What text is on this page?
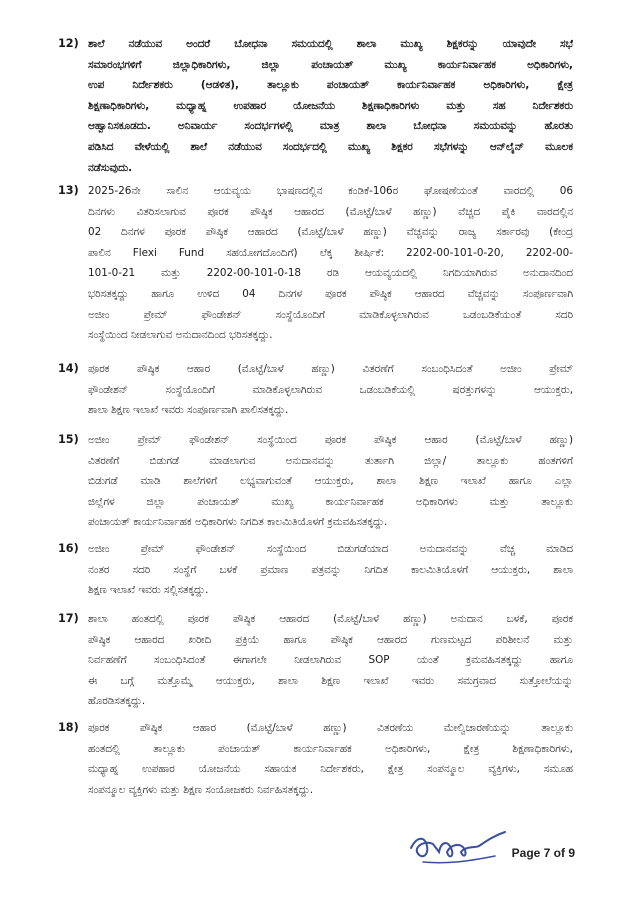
12) ಶಾಲೆ ನಡೆಯುವ ಅಂದರೆ ಬೋಧನಾ ಸಮಯದಲ್ಲಿ ಶಾಲಾ ಮುಖ್ಯ ಶಿಕ್ಷಕರನ್ನು ಯಾವುದೇ ಸಭೆ
ಸಮಾರಂಭಗಳಿಗೆ ಜಿಲ್ಲಾಧಿಕಾರಿಗಳು, ಜಿಲ್ಲಾ ಪಂಚಾಯತ್ ಮುಖ್ಯ ಕಾರ್ಯನಿರ್ವಾಹಕ ಅಧಿಕಾರಿಗಳು,
ಉಪ ನಿರ್ದೇಶಕರು (ಆಡಳಿತ), ತಾಲ್ಲೂಕು ಪಂಚಾಯತ್ ಕಾರ್ಯನಿರ್ವಾಹಕ ಅಧಿಕಾರಿಗಳು, ಕ್ಷೇತ್ರ
ಶಿಕ್ಷಣಾಧಿಕಾರಿಗಳು, ಮಧ್ಯಾಹ್ನ ಉಪಹಾರ ಯೋಜನೆಯ ಶಿಕ್ಷಣಾಧಿಕಾರಿಗಳು ಮತ್ತು ಸಹ ನಿರ್ದೇಶಕರು
ಆಹ್ವಾನಿಸಕೂಡದು. ಅನಿವಾರ್ಯ ಸಂದರ್ಭಗಳಲ್ಲಿ ಮಾತ್ರ ಶಾಲಾ ಬೋಧನಾ ಸಮಯವನ್ನು ಹೊರತು
ಪಡಿಸಿದ ವೇಳೆಯಲ್ಲಿ ಶಾಲೆ ನಡೆಯುವ ಸಂದರ್ಭದಲ್ಲಿ ಮುಖ್ಯ ಶಿಕ್ಷಕರ ಸಭೆಗಳನ್ನು ಆನ್‌ಲೈನ್ ಮೂಲಕ
ನಡೆಸುವುದು.
13) 2025-26ನೇ ಸಾಲಿನ ಆಯವ್ಯಯ ಭಾಷಣದಲ್ಲಿನ ಕಂಡಿಕೆ-106ರ ಘೋಷಣೆಯಂತೆ ವಾರದಲ್ಲಿ 06
ದಿನಗಳು ವಿತರಿಸಲಾಗುವ ಪೂರಕ ಪೌಷ್ಠಿಕ ಆಹಾರದ (ಮೊಟ್ಟೆ/ಬಾಳೆ ಹಣ್ಣು) ವೆಚ್ಚದ ಪೈಕಿ ವಾರದಲ್ಲಿನ
02 ದಿನಗಳ ಪೂರಕ ಪೌಷ್ಠಿಕ ಆಹಾರದ (ಮೊಟ್ಟೆ/ಬಾಳೆ ಹಣ್ಣು) ವೆಚ್ಚವನ್ನು ರಾಜ್ಯ ಸರ್ಕಾರವು (ಕೇಂದ್ರ
ಪಾಲಿನ Flexi Fund ಸಹಯೋಗದೊಂದಿಗೆ) ಲೆಕ್ಕ ಶೀರ್ಷಿಕೆ: 2202-00-101-0-20, 2202-00-
101-0-21 ಮತ್ತು 2202-00-101-0-18 ರಡಿ ಆಯವ್ಯಯದಲ್ಲಿ ನಿಗದಿಯಾಗಿರುವ ಅನುದಾನದಿಂದ
ಭರಿಸತಕ್ಕದ್ದು ಹಾಗೂ ಉಳಿದ 04 ದಿನಗಳ ಪೂರಕ ಪೌಷ್ಠಿಕ ಆಹಾರದ ವೆಚ್ಚವನ್ನು ಸಂಪೂರ್ಣವಾಗಿ
ಅಜೀಂ ಪ್ರೇಮ್ ಫೌಂಡೇಶನ್ ಸಂಸ್ಥೆಯೊಂದಿಗೆ ಮಾಡಿಕೊಳ್ಳಲಾಗಿರುವ ಒಡಂಬಡಿಕೆಯಂತೆ ಸದರಿ
ಸಂಸ್ಥೆಯಿಂದ ನೀಡಲಾಗುವ ಅನುದಾನದಿಂದ ಭರಿಸತಕ್ಕದ್ದು.
14) ಪೂರಕ ಪೌಷ್ಠಿಕ ಆಹಾರ (ಮೊಟ್ಟೆ/ಬಾಳೆ ಹಣ್ಣು) ವಿತರಣೆಗೆ ಸಂಬಂಧಿಸಿದಂತೆ ಅಜೀಂ ಪ್ರೇಮ್
ಫೌಂಡೇಶನ್ ಸಂಸ್ಥೆಯೊಂದಿಗೆ ಮಾಡಿಕೊಳ್ಳಲಾಗಿರುವ ಒಡಂಬಡಿಕೆಯಲ್ಲಿ ಷರತ್ತುಗಳನ್ನು ಆಯುಕ್ತರು,
ಶಾಲಾ ಶಿಕ್ಷಣ ಇಲಾಖೆ ಇವರು ಸಂಪೂರ್ಣವಾಗಿ ಪಾಲಿಸತಕ್ಕದ್ದು.
15) ಅಜೀಂ ಪ್ರೇಮ್ ಫೌಂಡೇಶನ್ ಸಂಸ್ಥೆಯಿಂದ ಪೂರಕ ಪೌಷ್ಠಿಕ ಆಹಾರ (ಮೊಟ್ಟೆ/ಬಾಳೆ ಹಣ್ಣು)
ವಿತರಣೆಗೆ ಬಿಡುಗಡೆ ಮಾಡಲಾಗುವ ಅನುದಾನವನ್ನು ತುರ್ತಾಗಿ ಜಿಲ್ಲಾ/ ತಾಲ್ಲೂಕು ಹಂತಗಳಿಗೆ
ಬಿಡುಗಡೆ ಮಾಡಿ ಶಾಲೆಗಳಿಗೆ ಲಭ್ಯವಾಗುವಂತೆ ಆಯುಕ್ತರು, ಶಾಲಾ ಶಿಕ್ಷಣ ಇಲಾಖೆ ಹಾಗೂ ಎಲ್ಲಾ
ಜಿಲ್ಲೆಗಳ ಜಿಲ್ಲಾ ಪಂಚಾಯತ್ ಮುಖ್ಯ ಕಾರ್ಯನಿರ್ವಾಹಕ ಅಧಿಕಾರಿಗಳು ಮತ್ತು ತಾಲ್ಲೂಕು
ಪಂಚಾಯತ್ ಕಾರ್ಯನಿರ್ವಾಹಕ ಅಧಿಕಾರಿಗಳು ನಿಗದಿತ ಕಾಲಮಿತಿಯೊಳಗೆ ಕ್ರಮವಹಿಸತಕ್ಕದ್ದು.
16) ಅಜೀಂ ಪ್ರೇಮ್ ಫೌಂಡೇಶನ್ ಸಂಸ್ಥೆಯಿಂದ ಬಿಡುಗಡೆಯಾದ ಅನುದಾನವನ್ನು ವೆಚ್ಚ ಮಾಡಿದ
ನಂತರ ಸದರಿ ಸಂಸ್ಥೆಗೆ ಬಳಕೆ ಪ್ರಮಾಣ ಪತ್ರವನ್ನು ನಿಗದಿತ ಕಾಲಮಿತಿಯೊಳಗೆ ಆಯುಕ್ತರು, ಶಾಲಾ
ಶಿಕ್ಷಣ ಇಲಾಖೆ ಇವರು ಸಲ್ಲಿಸತಕ್ಕದ್ದು.
17) ಶಾಲಾ ಹಂತದಲ್ಲಿ ಪೂರಕ ಪೌಷ್ಠಿಕ ಆಹಾರದ (ಮೊಟ್ಟೆ/ಬಾಳೆ ಹಣ್ಣು) ಅನುದಾನ ಬಳಕೆ, ಪೂರಕ
ಪೌಷ್ಠಿಕ ಆಹಾರದ ಖರೀದಿ ಪ್ರಕ್ರಿಯೆ ಹಾಗೂ ಪೌಷ್ಠಿಕ ಆಹಾರದ ಗುಣಮಟ್ಟದ ಪರಿಶೀಲನೆ ಮತ್ತು
ನಿರ್ವಹಣೆಗೆ ಸಂಬಂಧಿಸಿದಂತೆ ಈಗಾಗಲೇ ನೀಡಲಾಗಿರುವ SOP ಯಂತೆ ಕ್ರಮವಹಿಸತಕ್ಕದ್ದು ಹಾಗೂ
ಈ ಬಗ್ಗೆ ಮತ್ತೊಮ್ಮೆ ಆಯುಕ್ತರು, ಶಾಲಾ ಶಿಕ್ಷಣ ಇಲಾಖೆ ಇವರು ಸಮಗ್ರವಾದ ಸುತ್ತೋಲೆಯನ್ನು
ಹೊರಡಿಸತಕ್ಕದ್ದು.
18) ಪೂರಕ ಪೌಷ್ಠಿಕ ಆಹಾರ (ಮೊಟ್ಟೆ/ಬಾಳೆ ಹಣ್ಣು) ವಿತರಣೆಯ ಮೇಲ್ವಿಚಾರಣೆಯನ್ನು ತಾಲ್ಲೂಕು
ಹಂತದಲ್ಲಿ ತಾಲ್ಲೂಕು ಪಂಚಾಯತ್ ಕಾರ್ಯನಿರ್ವಾಹಕ ಅಧಿಕಾರಿಗಳು, ಕ್ಷೇತ್ರ ಶಿಕ್ಷಣಾಧಿಕಾರಿಗಳು,
ಮಧ್ಯಾಹ್ನ ಉಪಹಾರ ಯೋಜನೆಯ ಸಹಾಯಕ ನಿರ್ದೇಶಕರು, ಕ್ಷೇತ್ರ ಸಂಪನ್ಮೂಲ ವ್ಯಕ್ತಿಗಳು, ಸಮೂಹ
ಸಂಪನ್ಮೂಲ ವ್ಯಕ್ತಿಗಳು ಮತ್ತು ಶಿಕ್ಷಣ ಸಂಯೋಜಕರು ನಿರ್ವಹಿಸತಕ್ಕದ್ದು.
Page 7 of 9
